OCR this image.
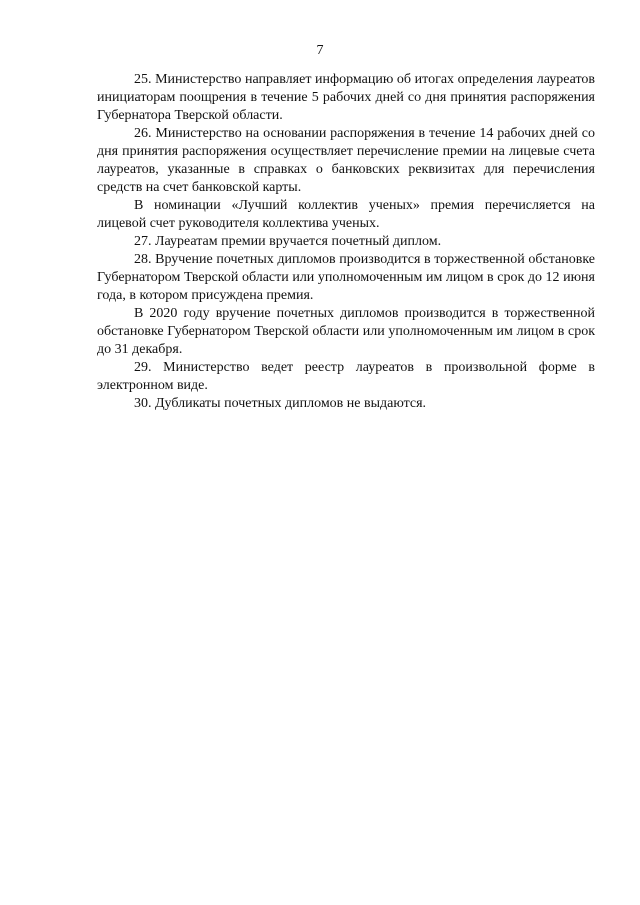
7

25. Министерство направляет информацию об итогах определения лауреатов инициаторам поощрения в течение 5 рабочих дней со дня принятия распоряжения Губернатора Тверской области.

26. Министерство на основании распоряжения в течение 14 рабочих дней со дня принятия распоряжения осуществляет перечисление премии на лицевые счета лауреатов, указанные в справках о банковских реквизитах для перечисления средств на счет банковской карты.

В номинации «Лучший коллектив ученых» премия перечисляется на лицевой счет руководителя коллектива ученых.

27. Лауреатам премии вручается почетный диплом.

28. Вручение почетных дипломов производится в торжественной обстановке Губернатором Тверской области или уполномоченным им лицом в срок до 12 июня года, в котором присуждена премия.

В 2020 году вручение почетных дипломов производится в торжественной обстановке Губернатором Тверской области или уполномоченным им лицом в срок до 31 декабря.

29. Министерство ведет реестр лауреатов в произвольной форме в электронном виде.

30. Дубликаты почетных дипломов не выдаются.
